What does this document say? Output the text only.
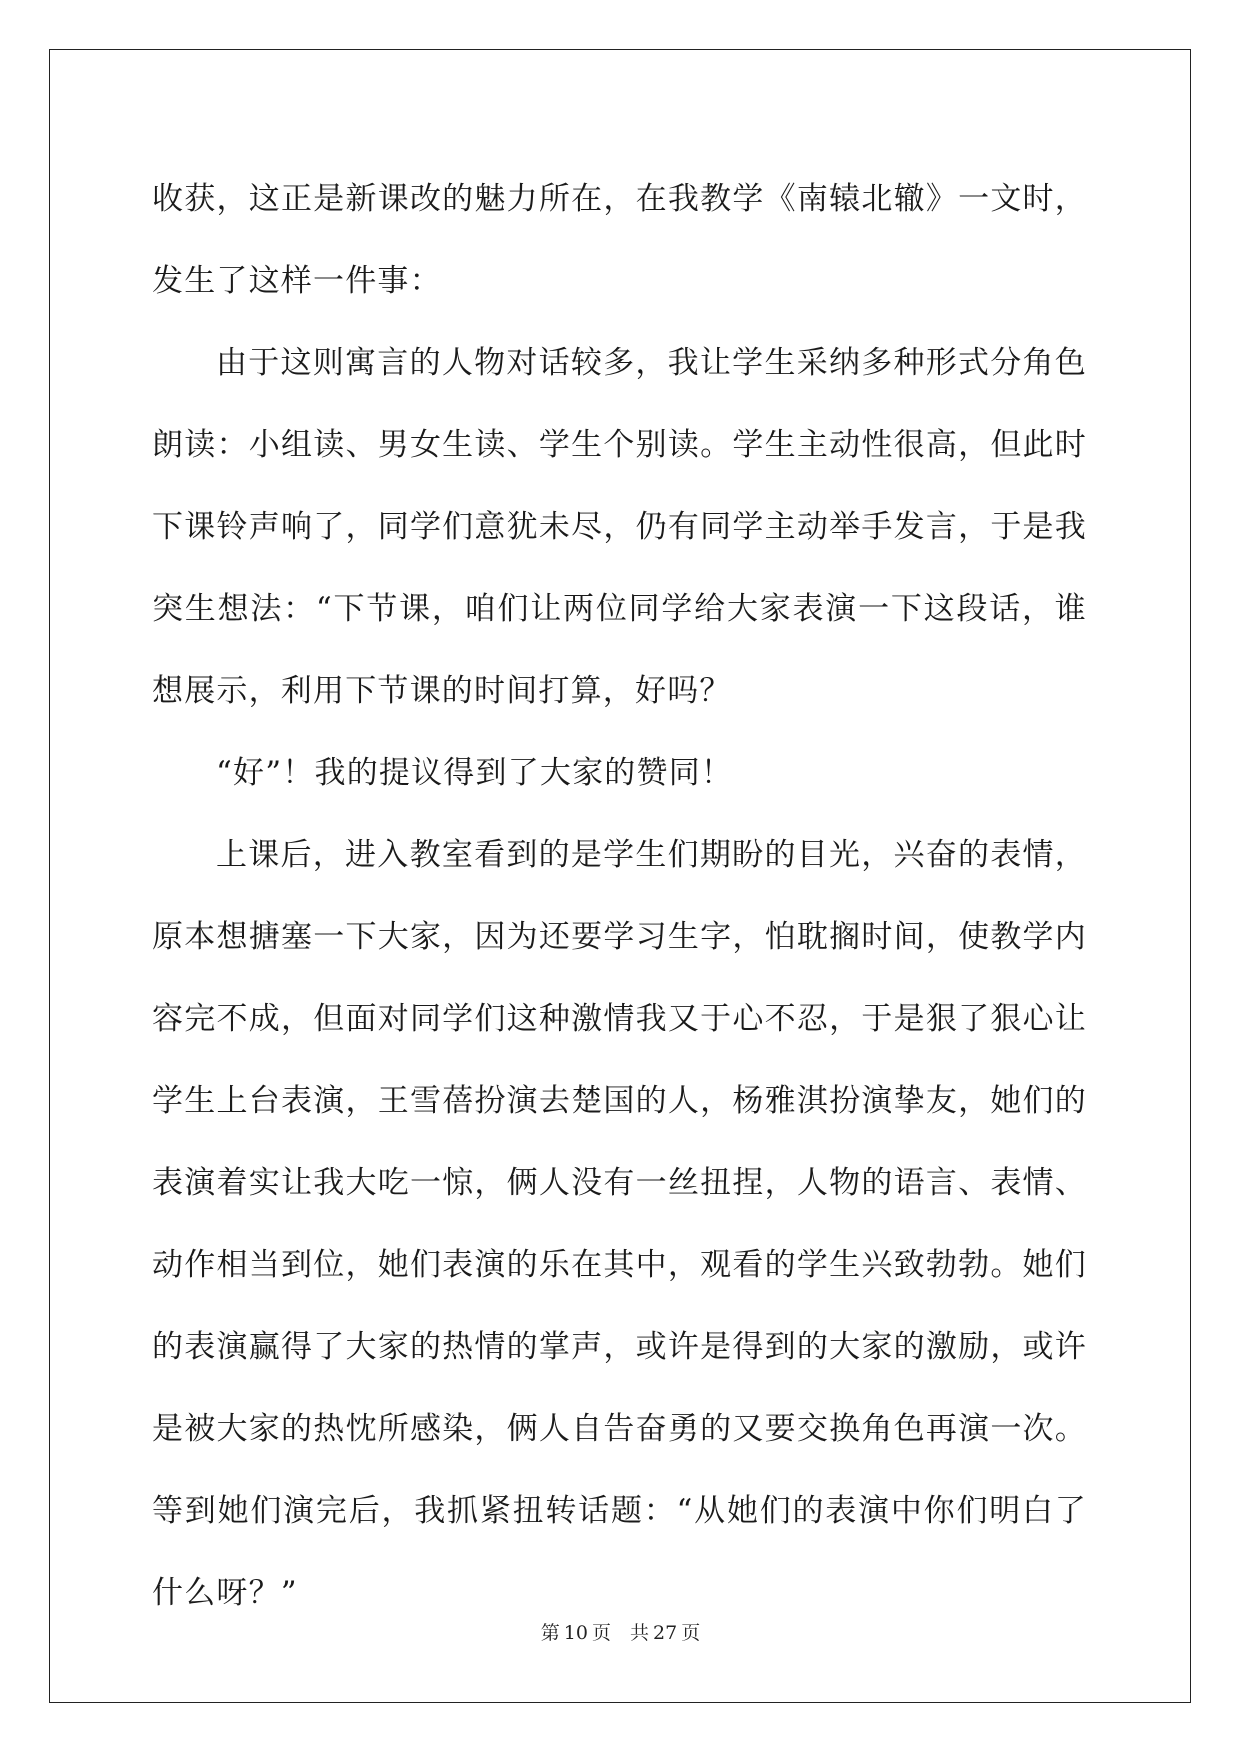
收获，这正是新课改的魅力所在，在我教学《南辕北辙》一文时，发生了这样一件事：

由于这则寓言的人物对话较多，我让学生采纳多种形式分角色朗读：小组读、男女生读、学生个别读。学生主动性很高，但此时下课铃声响了，同学们意犹未尽，仍有同学主动举手发言，于是我突生想法：“下节课，咱们让两位同学给大家表演一下这段话，谁想展示，利用下节课的时间打算，好吗？

“好”！我的提议得到了大家的赞同！

上课后，进入教室看到的是学生们期盼的目光，兴奋的表情，原本想搪塞一下大家，因为还要学习生字，怕耽搁时间，使教学内容完不成，但面对同学们这种激情我又于心不忍，于是狠了狠心让学生上台表演，王雪蓓扮演去楚国的人，杨雅淇扮演挚友，她们的表演着实让我大吃一惊，俩人没有一丝扭捏，人物的语言、表情、动作相当到位，她们表演的乐在其中，观看的学生兴致勃勃。她们的表演赢得了大家的热情的掌声，或许是得到的大家的激励，或许是被大家的热忱所感染，俩人自告奋勇的又要交换角色再演一次。等到她们演完后，我抓紧扭转话题：“从她们的表演中你们明白了什么呀？”

第 10 页　共 27 页
